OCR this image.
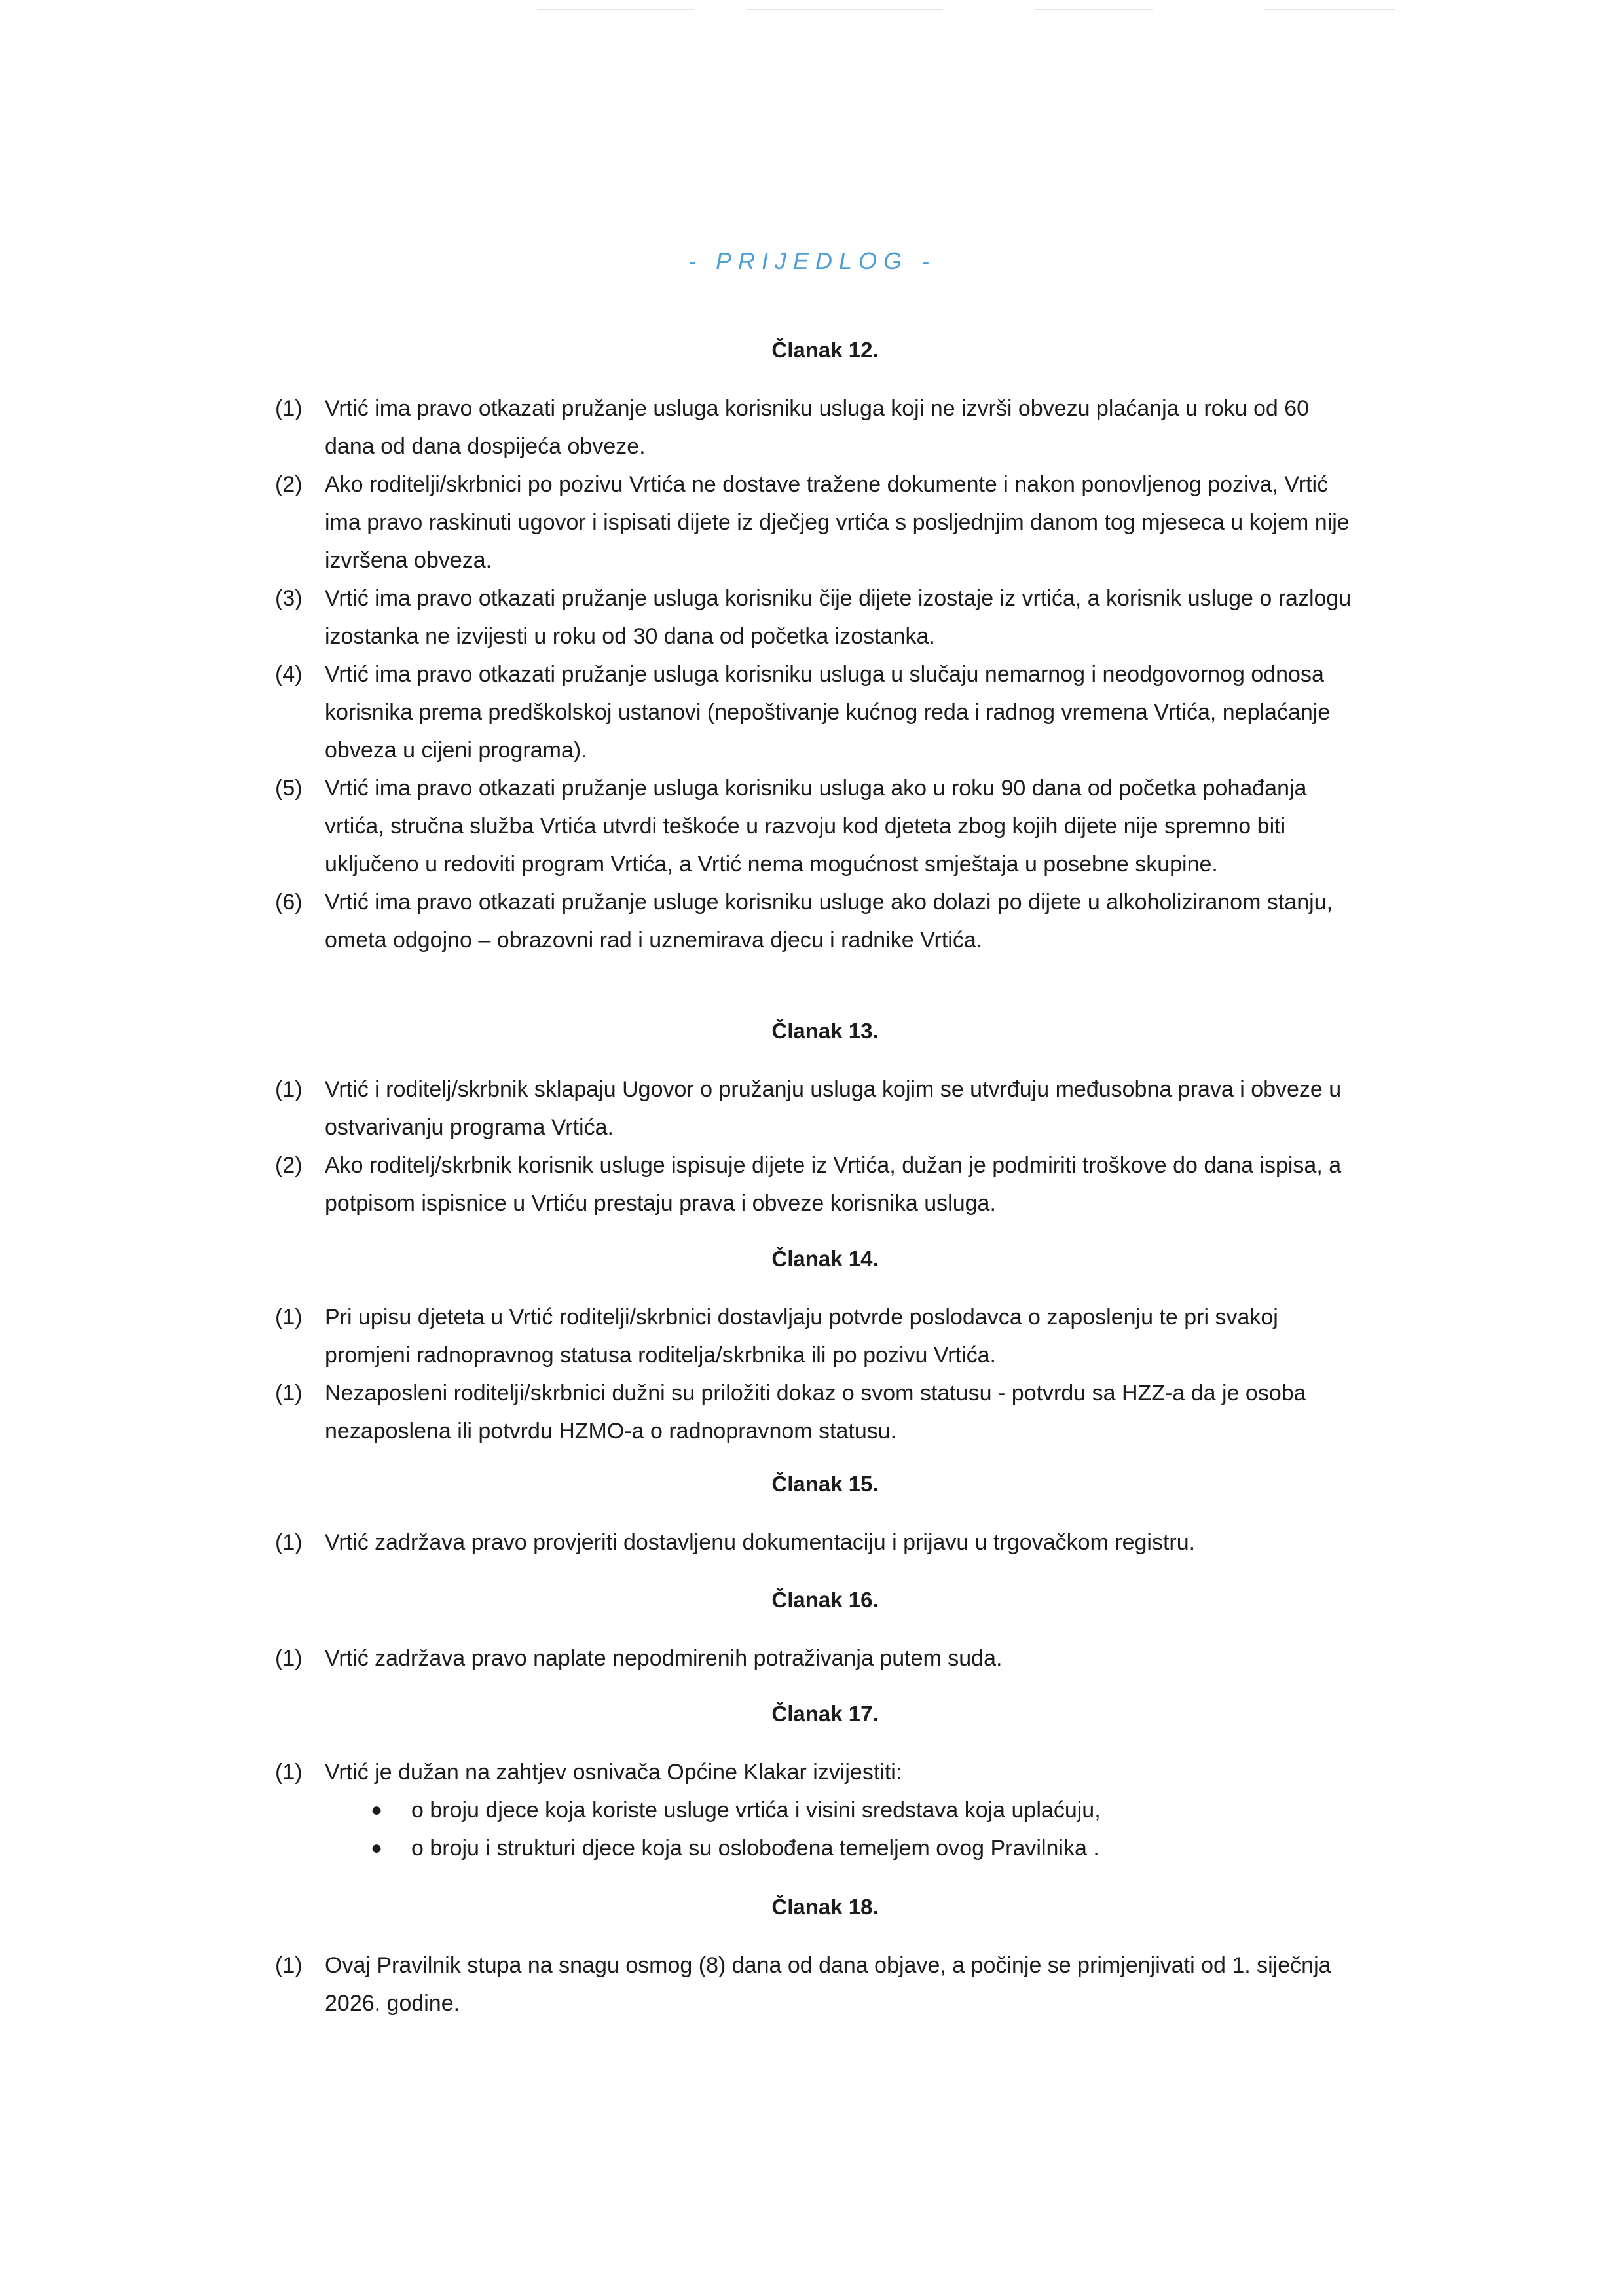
- PRIJEDLOG -
Članak 12.
(1)	Vrtić ima pravo otkazati pružanje usluga korisniku usluga koji ne izvrši obvezu plaćanja u roku od 60 dana od dana dospijeća obveze.
(2)	Ako roditelji/skrbnici po pozivu Vrtića ne dostave tražene dokumente i nakon ponovljenog poziva, Vrtić ima pravo raskinuti ugovor i ispisati dijete iz dječjeg vrtića s posljednjim danom tog mjeseca u kojem nije izvršena obveza.
(3)	Vrtić ima pravo otkazati pružanje usluga korisniku čije dijete izostaje iz vrtića, a korisnik usluge o razlogu izostanka ne izvijesti u roku od 30 dana od početka izostanka.
(4)	Vrtić ima pravo otkazati pružanje usluga korisniku usluga u slučaju nemarnog i neodgovornog odnosa korisnika prema predškolskoj ustanovi (nepoštivanje kućnog reda i radnog vremena Vrtića, neplaćanje obveza u cijeni programa).
(5)	Vrtić ima pravo otkazati pružanje usluga korisniku usluga ako u roku 90 dana od početka pohađanja vrtića, stručna služba Vrtića utvrdi teškoće u razvoju kod djeteta zbog kojih dijete nije spremno biti uključeno u redoviti program Vrtića, a Vrtić nema mogućnost smještaja u posebne skupine.
(6)	Vrtić ima pravo otkazati pružanje usluge korisniku usluge ako dolazi po dijete u alkoholiziranom stanju, ometa odgojno – obrazovni rad i uznemirava djecu i radnike Vrtića.
Članak 13.
(1)	Vrtić i roditelj/skrbnik sklapaju Ugovor o pružanju usluga kojim se utvrđuju međusobna prava i obveze u ostvarivanju programa Vrtića.
(2)	Ako roditelj/skrbnik korisnik usluge ispisuje dijete iz Vrtića, dužan je podmiriti troškove do dana ispisa, a potpisom ispisnice u Vrtiću prestaju prava i obveze korisnika usluga.
Članak 14.
(1)	Pri upisu djeteta u Vrtić roditelji/skrbnici dostavljaju potvrde poslodavca o zaposlenju te pri svakoj promjeni radnopravnog statusa roditelja/skrbnika ili po pozivu Vrtića.
(1)	Nezaposleni roditelji/skrbnici dužni su priložiti dokaz o svom statusu - potvrdu sa HZZ-a da je osoba nezaposlena ili potvrdu HZMO-a o radnopravnom statusu.
Članak 15.
(1)	Vrtić zadržava pravo provjeriti dostavljenu dokumentaciju i prijavu u trgovačkom registru.
Članak 16.
(1)	Vrtić zadržava pravo naplate nepodmirenih potraživanja putem suda.
Članak 17.
(1)	Vrtić je dužan na zahtjev osnivača Općine Klakar izvijestiti:
●	o broju djece koja koriste usluge vrtića i visini sredstava koja uplaćuju,
●	o broju i strukturi djece koja su oslobođena temeljem ovog Pravilnika .
Članak 18.
(1)	Ovaj Pravilnik stupa na snagu osmog (8) dana od dana objave, a počinje se primjenjivati od 1. siječnja 2026. godine.
